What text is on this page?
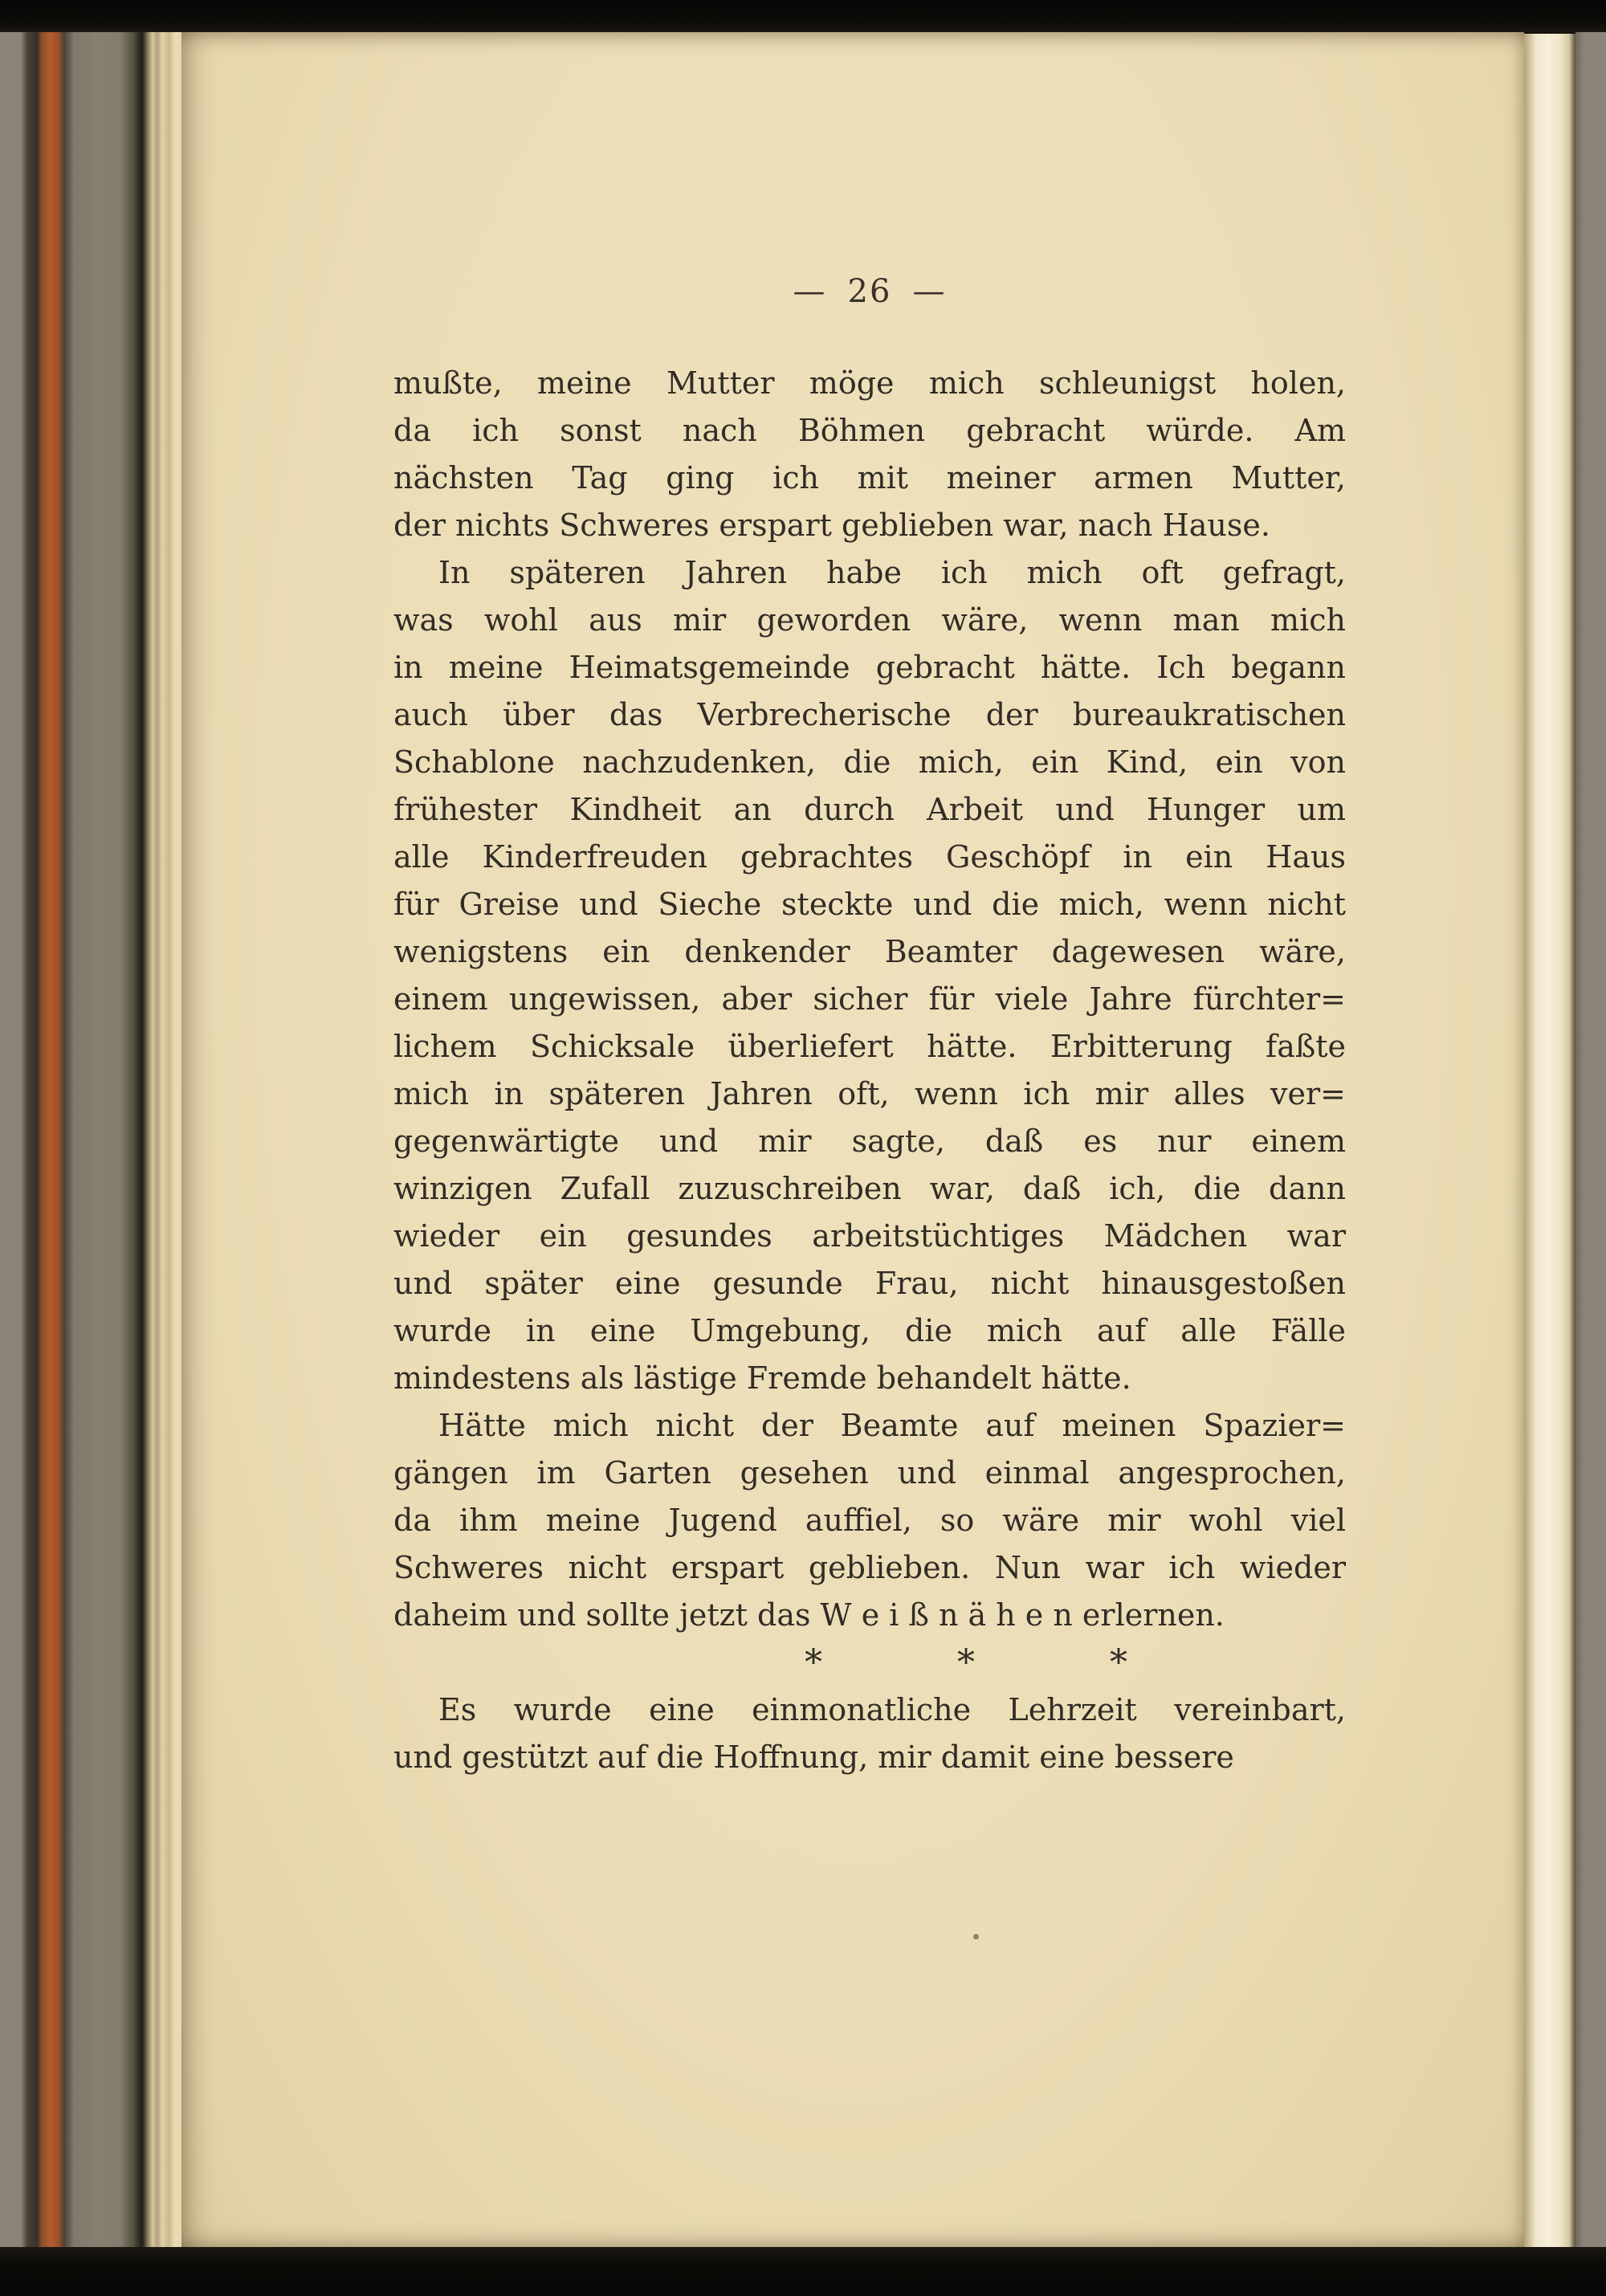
— 26 —
mußte, meine Mutter möge mich schleunigst holen,
da ich sonst nach Böhmen gebracht würde. Am
nächsten Tag ging ich mit meiner armen Mutter,
der nichts Schweres erspart geblieben war, nach Hause.
In späteren Jahren habe ich mich oft gefragt,
was wohl aus mir geworden wäre, wenn man mich
in meine Heimatsgemeinde gebracht hätte. Ich begann
auch über das Verbrecherische der bureaukratischen
Schablone nachzudenken, die mich, ein Kind, ein von
frühester Kindheit an durch Arbeit und Hunger um
alle Kinderfreuden gebrachtes Geschöpf in ein Haus
für Greise und Sieche steckte und die mich, wenn nicht
wenigstens ein denkender Beamter dagewesen wäre,
einem ungewissen, aber sicher für viele Jahre fürchter=
lichem Schicksale überliefert hätte. Erbitterung faßte
mich in späteren Jahren oft, wenn ich mir alles ver=
gegenwärtigte und mir sagte, daß es nur einem
winzigen Zufall zuzuschreiben war, daß ich, die dann
wieder ein gesundes arbeitstüchtiges Mädchen war
und später eine gesunde Frau, nicht hinausgestoßen
wurde in eine Umgebung, die mich auf alle Fälle
mindestens als lästige Fremde behandelt hätte.
Hätte mich nicht der Beamte auf meinen Spazier=
gängen im Garten gesehen und einmal angesprochen,
da ihm meine Jugend auffiel, so wäre mir wohl viel
Schweres nicht erspart geblieben. Nun war ich wieder
daheim und sollte jetzt das W e i ß n ä h e n erlernen.
*	*	*
Es wurde eine einmonatliche Lehrzeit vereinbart,
und gestützt auf die Hoffnung, mir damit eine bessere
